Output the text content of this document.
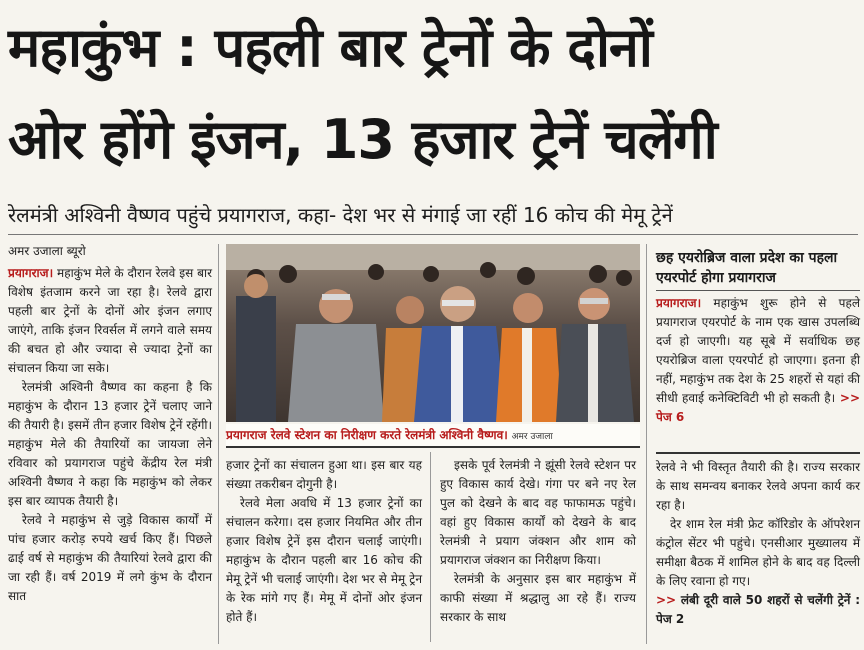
महाकुंभ : पहली बार ट्रेनों के दोनों
ओर होंगे इंजन, 13 हजार ट्रेनें चलेंगी
रेलमंत्री अश्विनी वैष्णव पहुंचे प्रयागराज, कहा- देश भर से मंगाई जा रहीं 16 कोच की मेमू ट्रेनें
अमर उजाला ब्यूरो

प्रयागराज। महाकुंभ मेले के दौरान रेलवे इस बार विशेष इंतजाम करने जा रहा है। रेलवे द्वारा पहली बार ट्रेनों के दोनों ओर इंजन लगाए जाएंगे, ताकि इंजन रिवर्सल में लगने वाले समय की बचत हो और ज्यादा से ज्यादा ट्रेनों का संचालन किया जा सके।

रेलमंत्री अश्विनी वैष्णव का कहना है कि महाकुंभ के दौरान 13 हजार ट्रेनें चलाए जाने की तैयारी है। इसमें तीन हजार विशेष ट्रेनें रहेंगी। महाकुंभ मेले की तैयारियों का जायजा लेने रविवार को प्रयागराज पहुंचे केंद्रीय रेल मंत्री अश्विनी वैष्णव ने कहा कि महाकुंभ को लेकर इस बार व्यापक तैयारी है।

रेलवे ने महाकुंभ से जुड़े विकास कार्यों में पांच हजार करोड़ रुपये खर्च किए हैं। पिछले ढाई वर्ष से महाकुंभ की तैयारियां रेलवे द्वारा की जा रही हैं। वर्ष 2019 में लगे कुंभ के दौरान सात

प्रयागराज रेलवे स्टेशन का निरीक्षण करते रेलमंत्री अश्विनी वैष्णव। अमर उजाला

हजार ट्रेनों का संचालन हुआ था। इस बार यह संख्या तकरीबन दोगुनी है।

रेलवे मेला अवधि में 13 हजार ट्रेनों का संचालन करेगा। दस हजार नियमित और तीन हजार विशेष ट्रेनें इस दौरान चलाई जाएंगी। महाकुंभ के दौरान पहली बार 16 कोच की मेमू ट्रेनें भी चलाई जाएंगी। देश भर से मेमू ट्रेन के रेक मांगे गए हैं। मेमू में दोनों ओर इंजन होते हैं।

इसके पूर्व रेलमंत्री ने झूंसी रेलवे स्टेशन पर हुए विकास कार्य देखे। गंगा पर बने नए रेल पुल को देखने के बाद वह फाफामऊ पहुंचे। वहां हुए विकास कार्यों को देखने के बाद रेलमंत्री ने प्रयाग जंक्शन और शाम को प्रयागराज जंक्शन का निरीक्षण किया।

रेलमंत्री के अनुसार इस बार महाकुंभ में काफी संख्या में श्रद्धालु आ रहे हैं। राज्य सरकार के साथ

छह एयरोब्रिज वाला प्रदेश का पहला एयरपोर्ट होगा प्रयागराज

प्रयागराज। महाकुंभ शुरू होने से पहले प्रयागराज एयरपोर्ट के नाम एक खास उपलब्धि दर्ज हो जाएगी। यह सूबे में सर्वाधिक छह एयरोब्रिज वाला एयरपोर्ट हो जाएगा। इतना ही नहीं, महाकुंभ तक देश के 25 शहरों से यहां की सीधी हवाई कनेक्टिविटी भी हो सकती है। >> पेज 6

रेलवे ने भी विस्तृत तैयारी की है। राज्य सरकार के साथ समन्वय बनाकर रेलवे अपना कार्य कर रहा है।

देर शाम रेल मंत्री फ्रेट कॉरिडोर के ऑपरेशन कंट्रोल सेंटर भी पहुंचे। एनसीआर मुख्यालय में समीक्षा बैठक में शामिल होने के बाद वह दिल्ली के लिए रवाना हो गए।

>> लंबी दूरी वाले 50 शहरों से चलेंगी ट्रेनें : पेज 2
